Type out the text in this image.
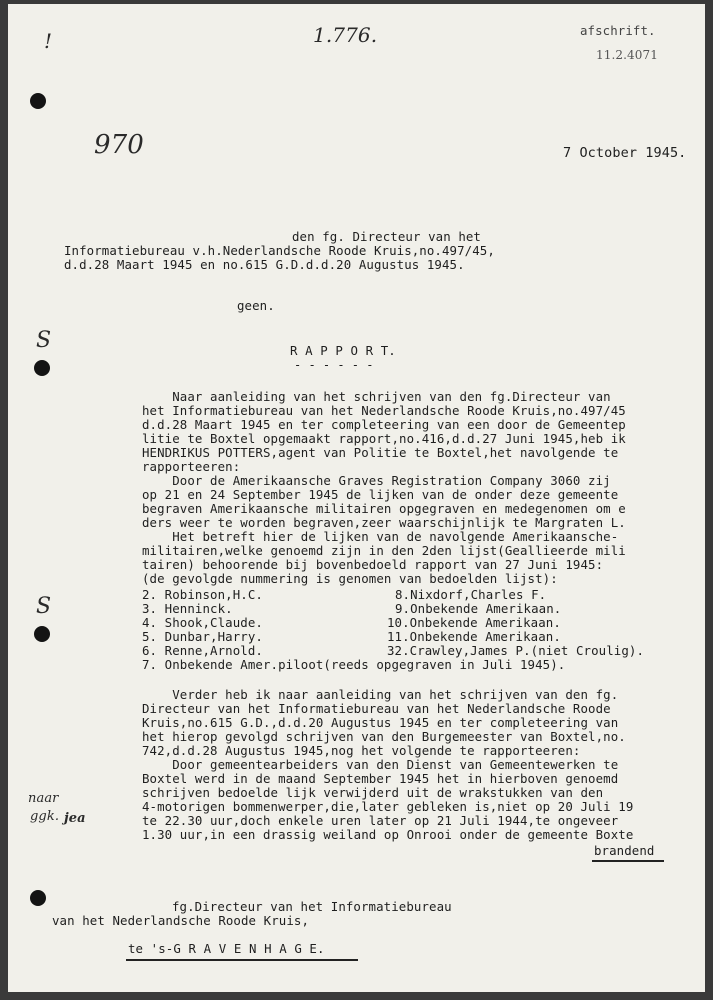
!
S
S
1.776.	afschrift.
11.2.4071
970	7 October 1945.
den fg. Directeur van het
Informatiebureau v.h.Nederlandsche Roode Kruis,no.497/45,
d.d.28 Maart 1945 en no.615 G.D.d.d.20 Augustus 1945.
geen.
R A P P O R T.
- - - - - -
Naar aanleiding van het schrijven van den fg.Directeur van
het Informatiebureau van het Nederlandsche Roode Kruis,no.497/45
d.d.28 Maart 1945 en ter completeering van een door de Gemeentep
litie te Boxtel opgemaakt rapport,no.416,d.d.27 Juni 1945,heb ik
HENDRIKUS POTTERS,agent van Politie te Boxtel,het navolgende te
rapporteeren:
Door de Amerikaansche Graves Registration Company 3060 zij
op 21 en 24 September 1945 de lijken van de onder deze gemeente
begraven Amerikaansche militairen opgegraven en medegenomen om e
ders weer te worden begraven,zeer waarschijnlijk te Margraten L.
Het betreft hier de lijken van de navolgende Amerikaansche-
militairen,welke genoemd zijn in den 2den lijst(Geallieerde mili
tairen) behoorende bij bovenbedoeld rapport van 27 Juni 1945:
(de gevolgde nummering is genomen van bedoelden lijst):
2. Robinson,H.C.
3. Henninck.
4. Shook,Claude.
5. Dunbar,Harry.
6. Renne,Arnold.
8.Nixdorf,Charles F.
9.Onbekende Amerikaan.
10.Onbekende Amerikaan.
11.Onbekende Amerikaan.
32.Crawley,James P.(niet Croulig).
7. Onbekende Amer.piloot(reeds opgegraven in Juli 1945).
Verder heb ik naar aanleiding van het schrijven van den fg.
Directeur van het Informatiebureau van het Nederlandsche Roode
Kruis,no.615 G.D.,d.d.20 Augustus 1945 en ter completeering van
het hierop gevolgd schrijven van den Burgemeester van Boxtel,no.
742,d.d.28 Augustus 1945,nog het volgende te rapporteeren:
Door gemeentearbeiders van den Dienst van Gemeentewerken te
Boxtel werd in de maand September 1945 het in hierboven genoemd
schrijven bedoelde lijk verwijderd uit de wrakstukken van den
4-motorigen bommenwerper,die,later gebleken is,niet op 20 Juli 19
te 22.30 uur,doch enkele uren later op 21 Juli 1944,te ongeveer
1.30 uur,in een drassig weiland op Onrooi onder de gemeente Boxte
brandend
naar
ggk. jea
fg.Directeur van het Informatiebureau
van het Nederlandsche Roode Kruis,
te 's-G R A V E N H A G E.
